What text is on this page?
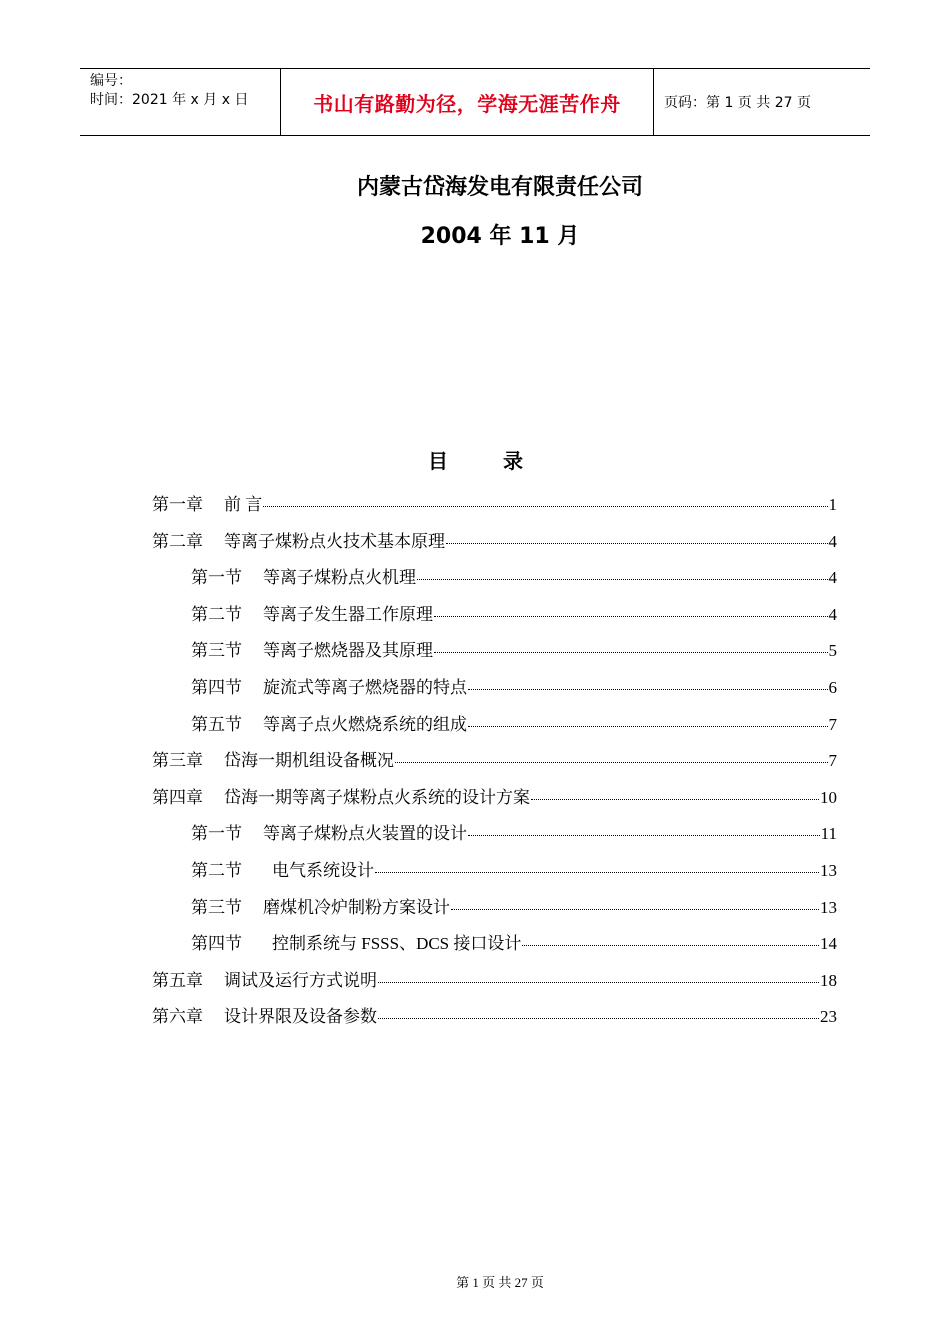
编号：
时间：2021 年 x 月 x 日	书山有路勤为径，学海无涯苦作舟	页码：第 1 页 共 27 页
内蒙古岱海发电有限责任公司
2004 年 11 月
目 录
第一章 前 言	1
第二章 等离子煤粉点火技术基本原理	4
第一节 等离子煤粉点火机理	4
第二节 等离子发生器工作原理	4
第三节 等离子燃烧器及其原理	5
第四节 旋流式等离子燃烧器的特点	6
第五节 等离子点火燃烧系统的组成	7
第三章 岱海一期机组设备概况	7
第四章 岱海一期等离子煤粉点火系统的设计方案	10
第一节 等离子煤粉点火装置的设计	11
第二节 电气系统设计	13
第三节 磨煤机冷炉制粉方案设计	13
第四节 控制系统与 FSSS、DCS 接口设计	14
第五章 调试及运行方式说明	18
第六章 设计界限及设备参数	23
第 1 页 共 27 页
